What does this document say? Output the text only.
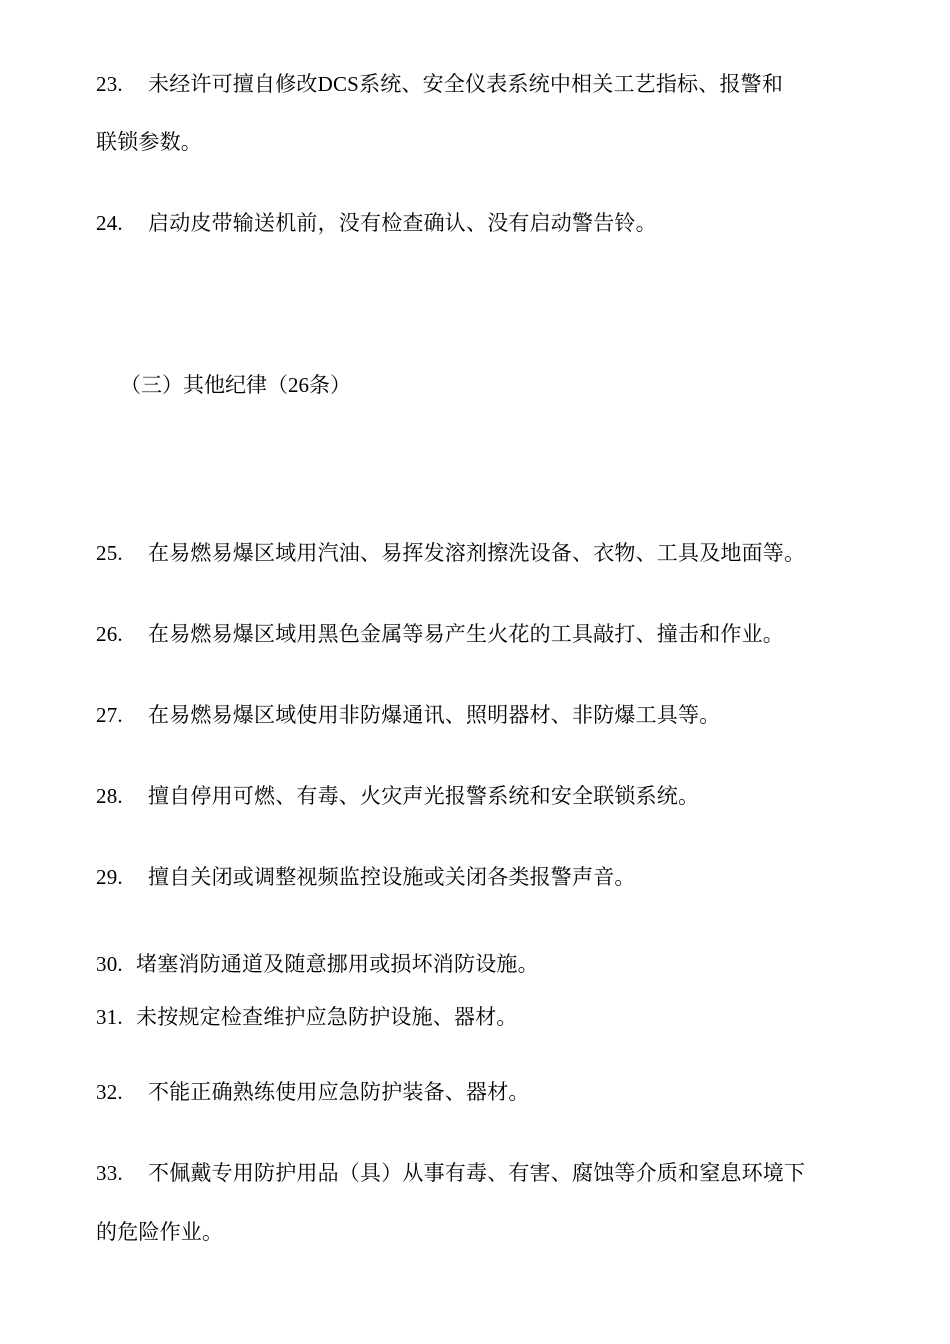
23. 未经许可擅自修改DCS系统、安全仪表系统中相关工艺指标、报警和
联锁参数。
24. 启动皮带输送机前，没有检查确认、没有启动警告铃。
（三）其他纪律（26条）
25. 在易燃易爆区域用汽油、易挥发溶剂擦洗设备、衣物、工具及地面等。
26. 在易燃易爆区域用黑色金属等易产生火花的工具敲打、撞击和作业。
27. 在易燃易爆区域使用非防爆通讯、照明器材、非防爆工具等。
28. 擅自停用可燃、有毒、火灾声光报警系统和安全联锁系统。
29. 擅自关闭或调整视频监控设施或关闭各类报警声音。
30. 堵塞消防通道及随意挪用或损坏消防设施。
31. 未按规定检查维护应急防护设施、器材。
32. 不能正确熟练使用应急防护装备、器材。
33. 不佩戴专用防护用品（具）从事有毒、有害、腐蚀等介质和窒息环境下
的危险作业。
